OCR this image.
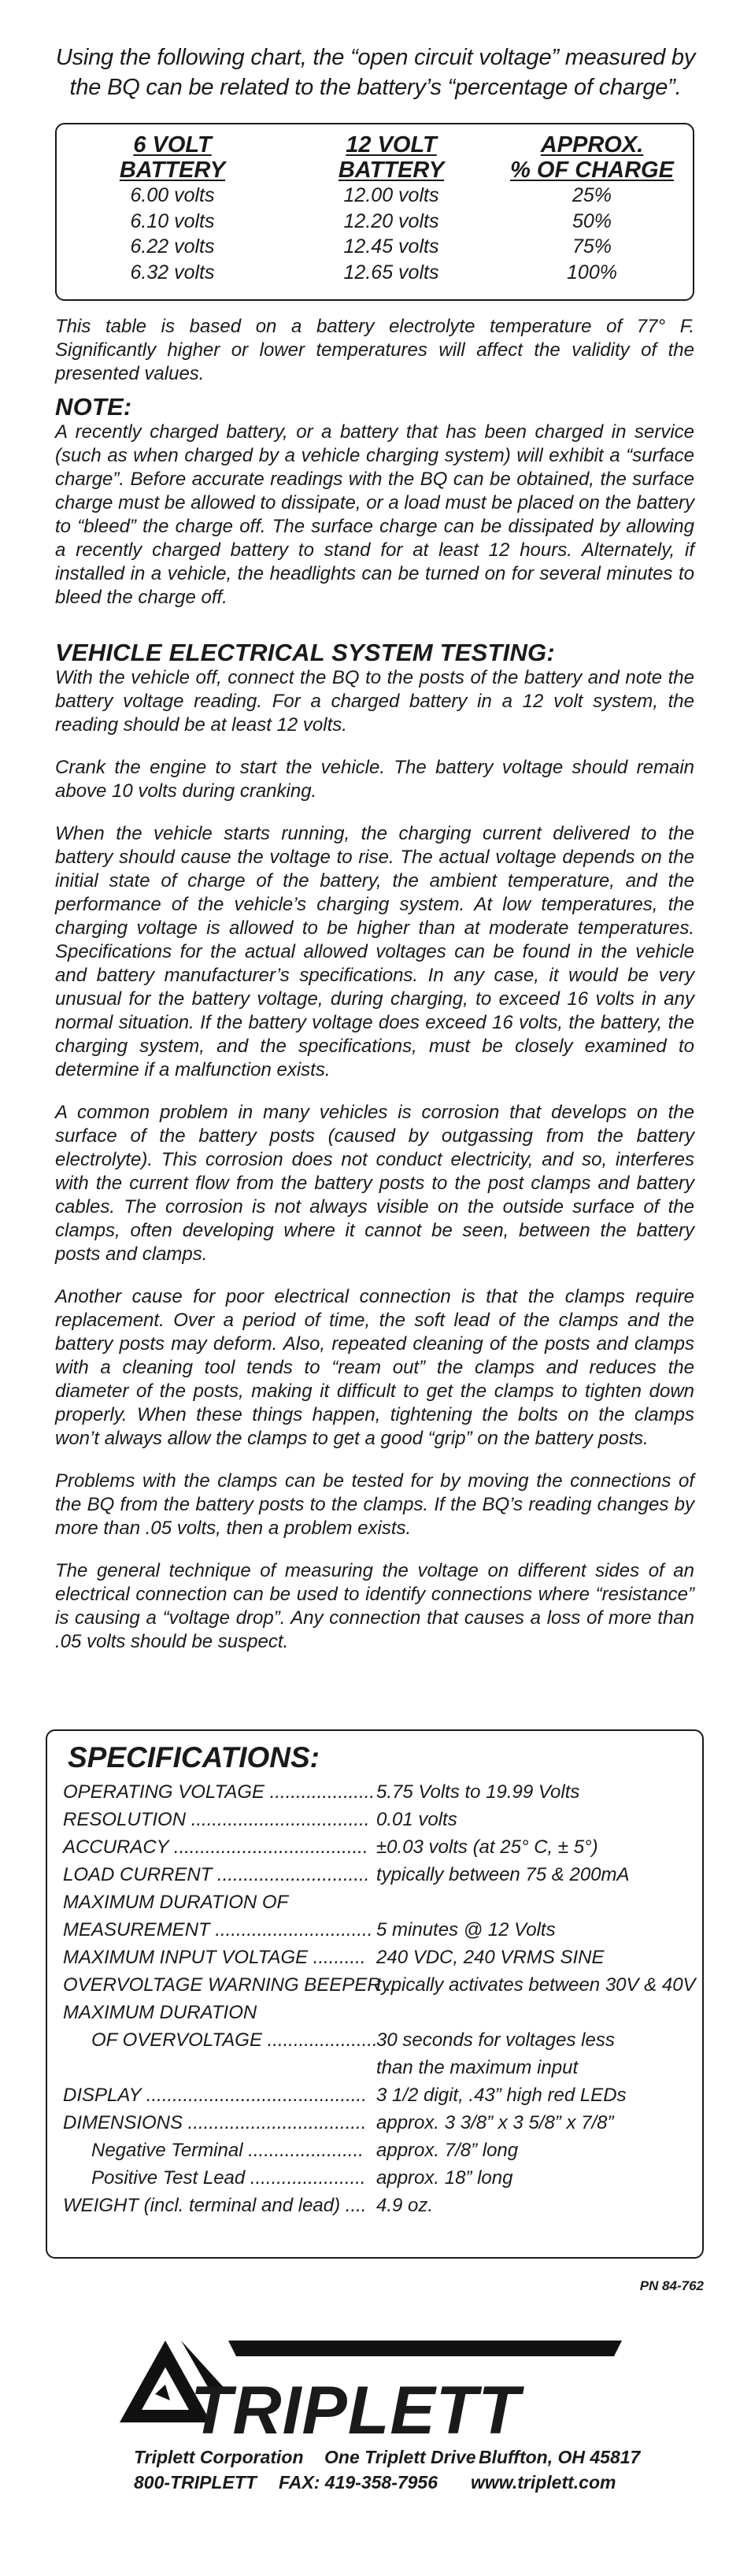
Using the following chart, the “open circuit voltage” measured by
the BQ can be related to the battery’s “percentage of charge”.
6 VOLT
BATTERY
6.00 volts
6.10 volts
6.22 volts
6.32 volts
12 VOLT
BATTERY
12.00 volts
12.20 volts
12.45 volts
12.65 volts
APPROX.
% OF CHARGE
25%
50%
75%
100%
This table is based on a battery electrolyte temperature of 77° F. Significantly higher or lower temperatures will affect the validity of the presented values.
NOTE:

A recently charged battery, or a battery that has been charged in service (such as when charged by a vehicle charging system) will exhibit a “surface charge”. Before accurate readings with the BQ can be obtained, the surface charge must be allowed to dissipate, or a load must be placed on the battery to “bleed” the charge off. The surface charge can be dissipated by allowing a recently charged battery to stand for at least 12 hours. Alternately, if installed in a vehicle, the headlights can be turned on for several minutes to bleed the charge off.

VEHICLE ELECTRICAL SYSTEM TESTING:

With the vehicle off, connect the BQ to the posts of the battery and note the battery voltage reading. For a charged battery in a 12 volt system, the reading should be at least 12 volts.

Crank the engine to start the vehicle. The battery voltage should remain above 10 volts during cranking.

When the vehicle starts running, the charging current delivered to the battery should cause the voltage to rise. The actual voltage depends on the initial state of charge of the battery, the ambient temperature, and the performance of the vehicle’s charging system. At low temperatures, the charging voltage is allowed to be higher than at moderate temperatures. Specifications for the actual allowed voltages can be found in the vehicle and battery manufacturer’s specifications. In any case, it would be very unusual for the battery voltage, during charging, to exceed 16 volts in any normal situation. If the battery voltage does exceed 16 volts, the battery, the charging system, and the specifications, must be closely examined to determine if a malfunction exists.

A common problem in many vehicles is corrosion that develops on the surface of the battery posts (caused by outgassing from the battery electrolyte). This corrosion does not conduct electricity, and so, interferes with the current flow from the battery posts to the post clamps and battery cables. The corrosion is not always visible on the outside surface of the clamps, often developing where it cannot be seen, between the battery posts and clamps.

Another cause for poor electrical connection is that the clamps require replacement. Over a period of time, the soft lead of the clamps and the battery posts may deform. Also, repeated cleaning of the posts and clamps with a cleaning tool tends to “ream out” the clamps and reduces the diameter of the posts, making it difficult to get the clamps to tighten down properly. When these things happen, tightening the bolts on the clamps won’t always allow the clamps to get a good “grip” on the battery posts.

Problems with the clamps can be tested for by moving the connections of the BQ from the battery posts to the clamps. If the BQ’s reading changes by more than .05 volts, then a problem exists.

The general technique of measuring the voltage on different sides of an electrical connection can be used to identify connections where “resistance” is causing a “voltage drop”. Any connection that causes a loss of more than .05 volts should be suspect.

SPECIFICATIONS:
OPERATING VOLTAGE .................... 5.75 Volts to 19.99 Volts
RESOLUTION .................................. 0.01 volts
ACCURACY ..................................... ±0.03 volts (at 25° C, ± 5°)
LOAD CURRENT ............................. typically between 75 & 200mA
MAXIMUM DURATION OF
MEASUREMENT .............................. 5 minutes @ 12 Volts
MAXIMUM INPUT VOLTAGE .......... 240 VDC, 240 VRMS SINE
OVERVOLTAGE WARNING BEEPER ...
typically activates between 30V & 40V
MAXIMUM DURATION
OF OVERVOLTAGE .....................
30 seconds for voltages less
than the maximum input
DISPLAY .......................................... 3 1/2 digit, .43” high red LEDs
DIMENSIONS .................................. approx. 3 3/8” x 3 5/8” x 7/8”
Negative Terminal ...................... approx. 7/8” long
Positive Test Lead ...................... approx. 18” long
WEIGHT (incl. terminal and lead) .... 4.9 oz.
PN 84-762
TRIPLETT
Triplett Corporation One Triplett Drive Bluffton, OH 45817
800-TRIPLETT FAX: 419-358-7956 www.triplett.com
